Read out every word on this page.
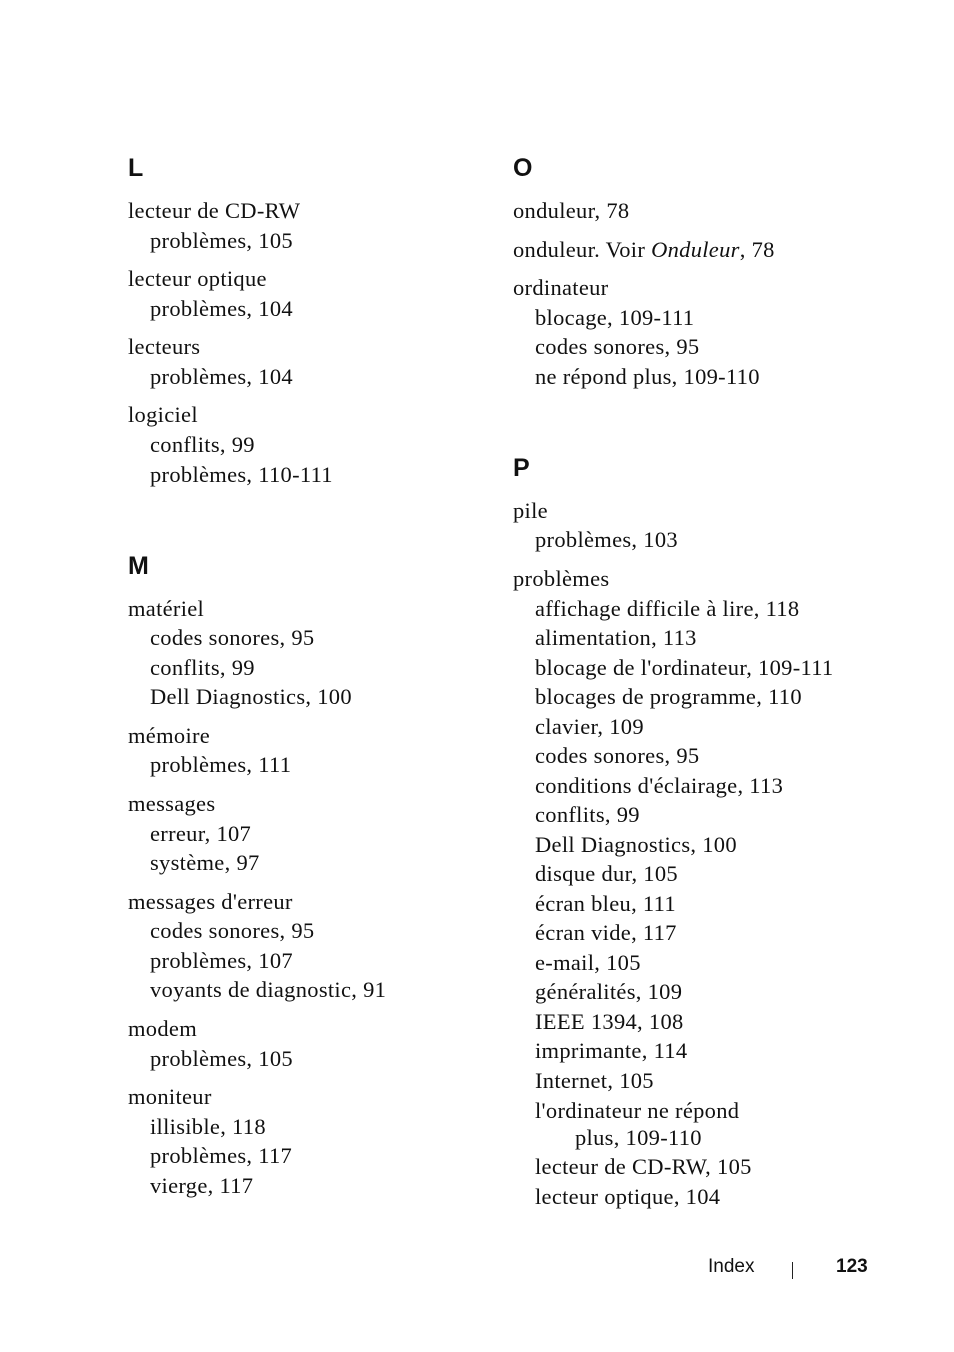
L
lecteur de CD-RW
problèmes, 105
lecteur optique
problèmes, 104
lecteurs
problèmes, 104
logiciel
conflits, 99
problèmes, 110-111
M
matériel
codes sonores, 95
conflits, 99
Dell Diagnostics, 100
mémoire
problèmes, 111
messages
erreur, 107
système, 97
messages d'erreur
codes sonores, 95
problèmes, 107
voyants de diagnostic, 91
modem
problèmes, 105
moniteur
illisible, 118
problèmes, 117
vierge, 117
O
onduleur, 78
onduleur. Voir Onduleur, 78
ordinateur
blocage, 109-111
codes sonores, 95
ne répond plus, 109-110
P
pile
problèmes, 103
problèmes
affichage difficile à lire, 118
alimentation, 113
blocage de l'ordinateur, 109-111
blocages de programme, 110
clavier, 109
codes sonores, 95
conditions d'éclairage, 113
conflits, 99
Dell Diagnostics, 100
disque dur, 105
écran bleu, 111
écran vide, 117
e-mail, 105
généralités, 109
IEEE 1394, 108
imprimante, 114
Internet, 105
l'ordinateur ne répond
plus, 109-110
lecteur de CD-RW, 105
lecteur optique, 104
Index	123
